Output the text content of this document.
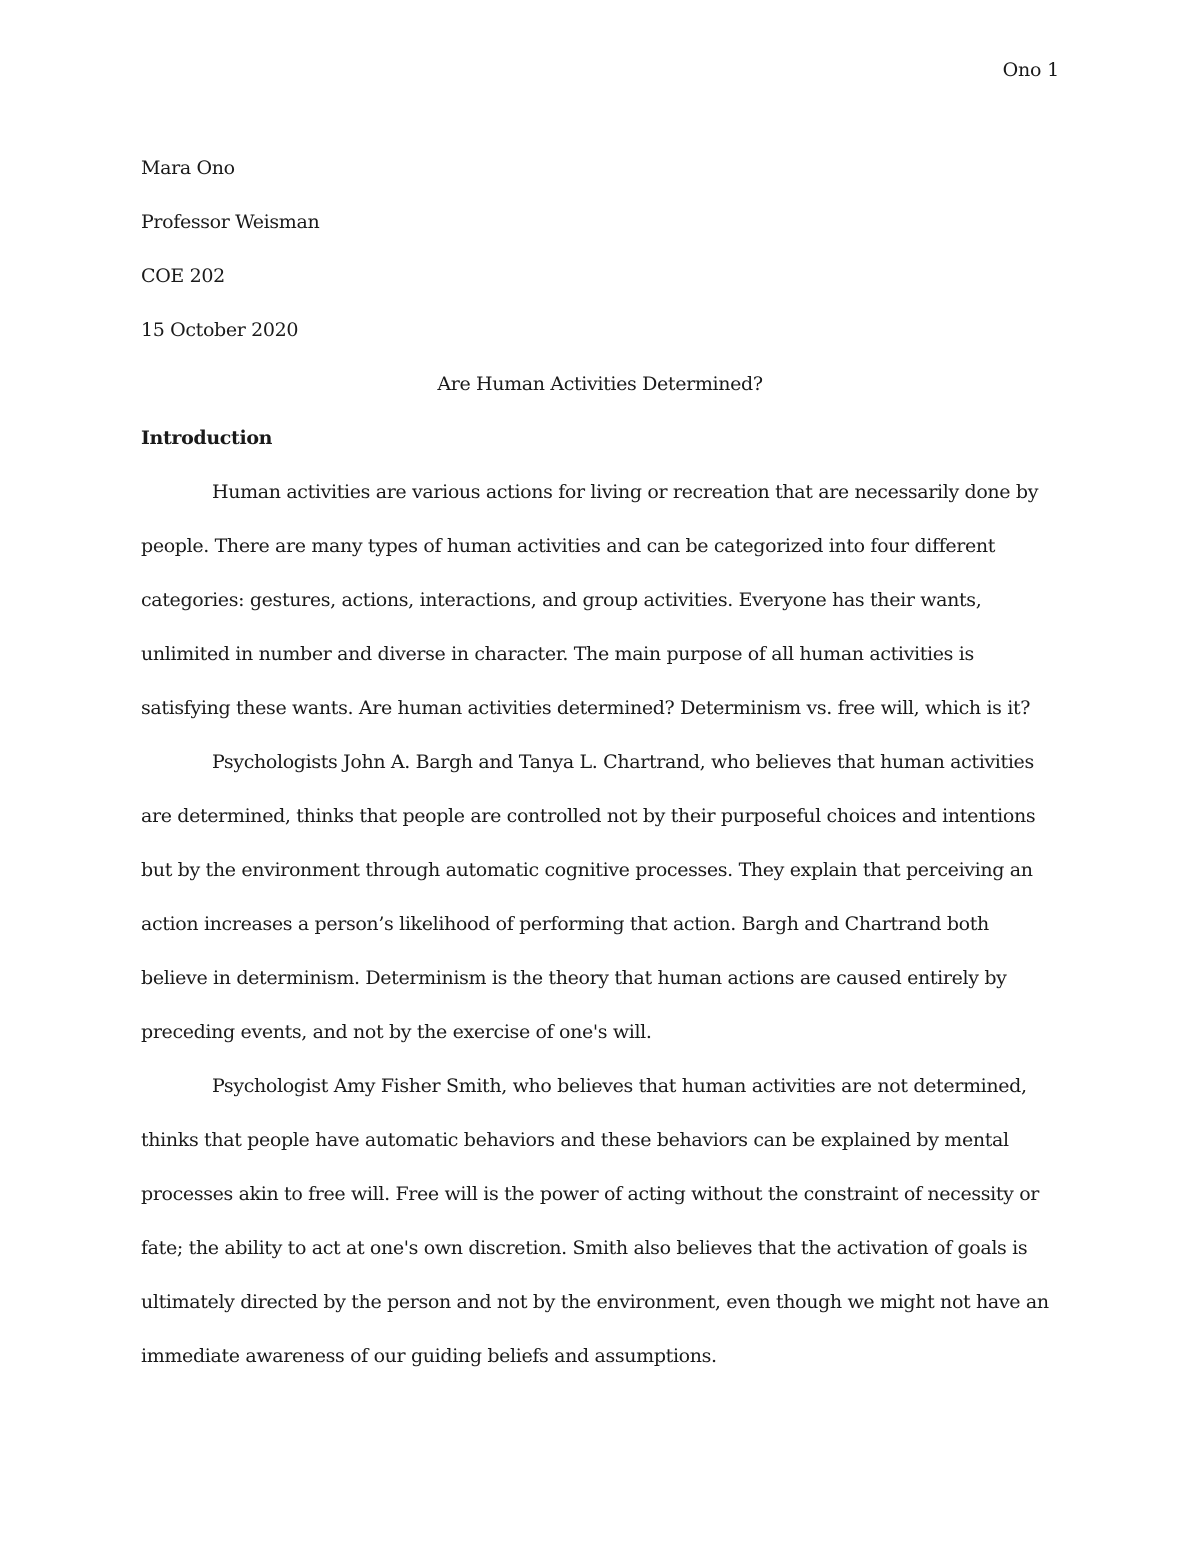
Ono 1

Mara Ono

Professor Weisman

COE 202

15 October 2020

Are Human Activities Determined?

Introduction

Human activities are various actions for living or recreation that are necessarily done by people. There are many types of human activities and can be categorized into four different categories: gestures, actions, interactions, and group activities. Everyone has their wants, unlimited in number and diverse in character. The main purpose of all human activities is satisfying these wants. Are human activities determined? Determinism vs. free will, which is it?

Psychologists John A. Bargh and Tanya L. Chartrand, who believes that human activities are determined, thinks that people are controlled not by their purposeful choices and intentions but by the environment through automatic cognitive processes. They explain that perceiving an action increases a person’s likelihood of performing that action. Bargh and Chartrand both believe in determinism. Determinism is the theory that human actions are caused entirely by preceding events, and not by the exercise of one's will.

Psychologist Amy Fisher Smith, who believes that human activities are not determined, thinks that people have automatic behaviors and these behaviors can be explained by mental processes akin to free will. Free will is the power of acting without the constraint of necessity or fate; the ability to act at one's own discretion. Smith also believes that the activation of goals is ultimately directed by the person and not by the environment, even though we might not have an immediate awareness of our guiding beliefs and assumptions.
